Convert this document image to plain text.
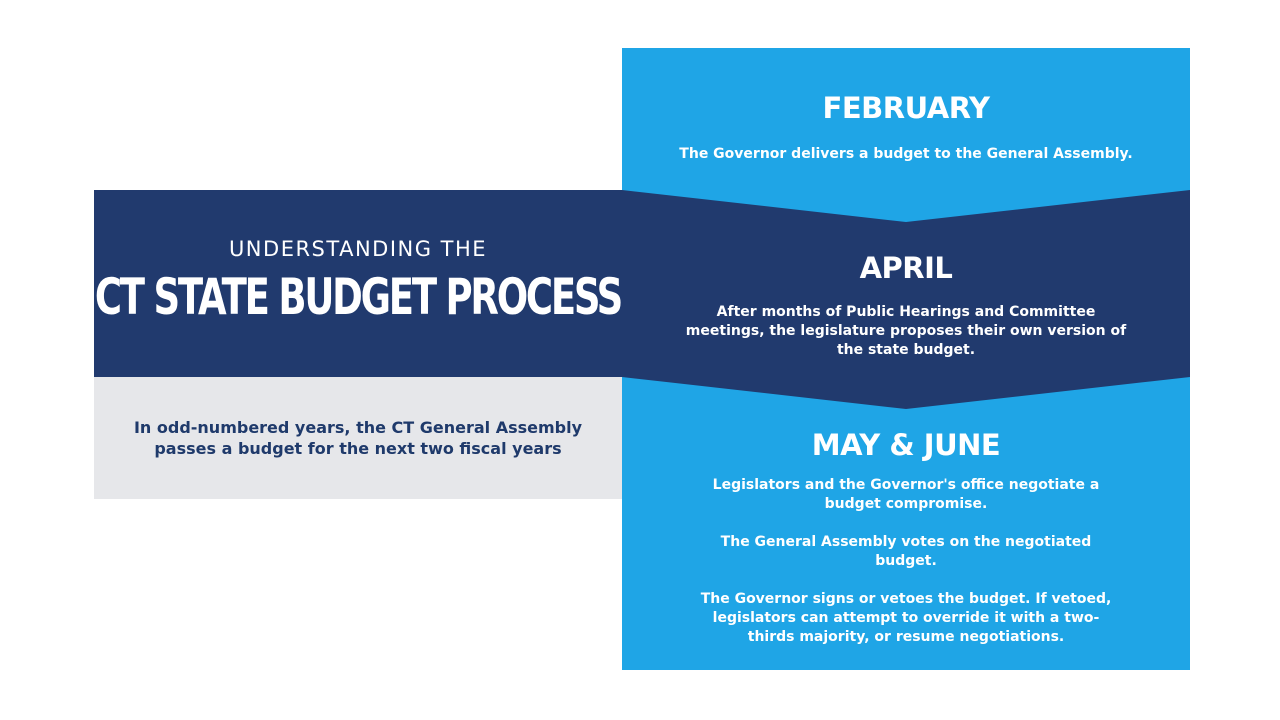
UNDERSTANDING THE
CT STATE BUDGET PROCESS
In odd-numbered years, the CT General Assembly
passes a budget for the next two fiscal years
FEBRUARY
The Governor delivers a budget to the General Assembly.
APRIL
After months of Public Hearings and Committee
meetings, the legislature proposes their own version of
the state budget.
MAY & JUNE
Legislators and the Governor's office negotiate a
budget compromise.
The General Assembly votes on the negotiated
budget.
The Governor signs or vetoes the budget. If vetoed,
legislators can attempt to override it with a two-
thirds majority, or resume negotiations.
